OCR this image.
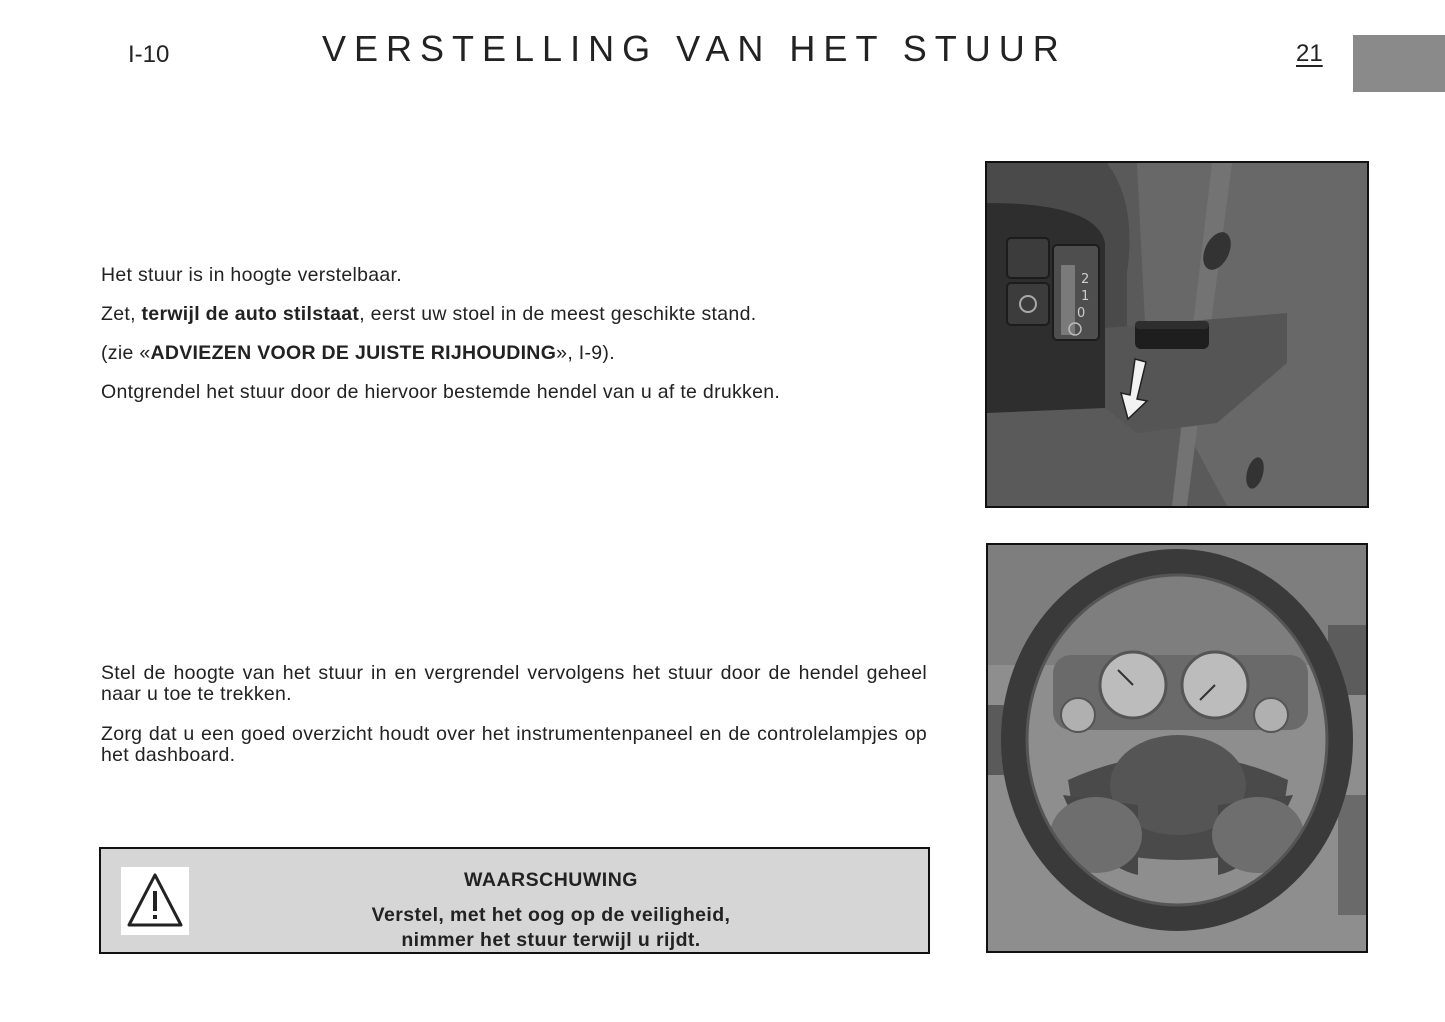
I-10	VERSTELLING VAN HET STUUR	21

Het stuur is in hoogte verstelbaar.

Zet, terwijl de auto stilstaat, eerst uw stoel in de meest geschikte stand.

(zie «ADVIEZEN VOOR DE JUISTE RIJHOUDING», I-9).

Ontgrendel het stuur door de hiervoor bestemde hendel van u af te drukken.

2
1
0

Stel de hoogte van het stuur in en vergrendel vervolgens het stuur door de hendel geheel naar u toe te trekken.

Zorg dat u een goed overzicht houdt over het instrumentenpaneel en de controlelampjes op het dashboard.

WAARSCHUWING
Verstel, met het oog op de veiligheid,
nimmer het stuur terwijl u rijdt.
